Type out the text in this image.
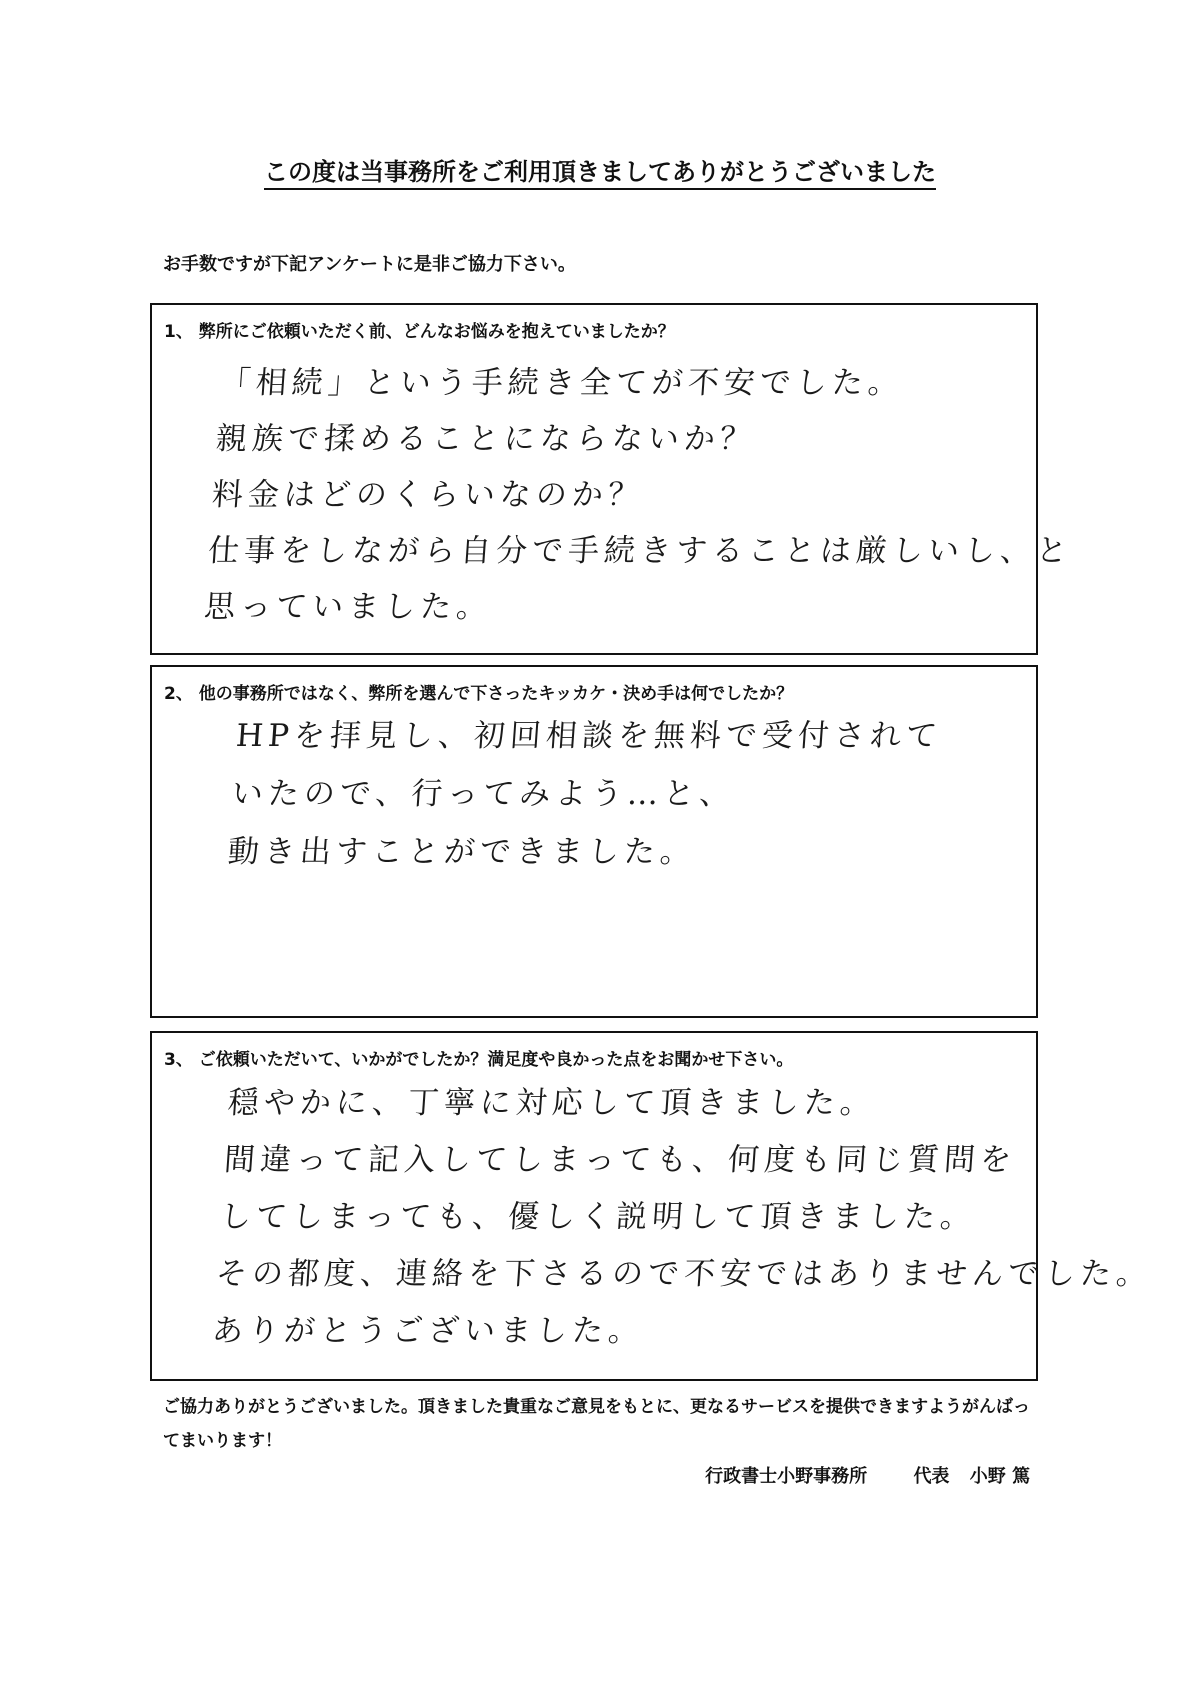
この度は当事務所をご利用頂きましてありがとうございました
お手数ですが下記アンケートに是非ご協力下さい。
1、 弊所にご依頼いただく前、どんなお悩みを抱えていましたか？
「相続」という手続き全てが不安でした。
親族で揉めることにならないか？
料金はどのくらいなのか？
仕事をしながら自分で手続きすることは厳しいし、と
思っていました。
2、 他の事務所ではなく、弊所を選んで下さったキッカケ・決め手は何でしたか？
HPを拝見し、初回相談を無料で受付されて
いたので、行ってみよう…と、
動き出すことができました。
3、 ご依頼いただいて、いかがでしたか？満足度や良かった点をお聞かせ下さい。
穏やかに、丁寧に対応して頂きました。
間違って記入してしまっても、何度も同じ質問を
してしまっても、優しく説明して頂きました。
その都度、連絡を下さるので不安ではありませんでした。
ありがとうございました。
ご協力ありがとうございました。頂きました貴重なご意見をもとに、更なるサービスを提供できますようがんばってまいります！
行政書士小野事務所	代表 小野 篤
